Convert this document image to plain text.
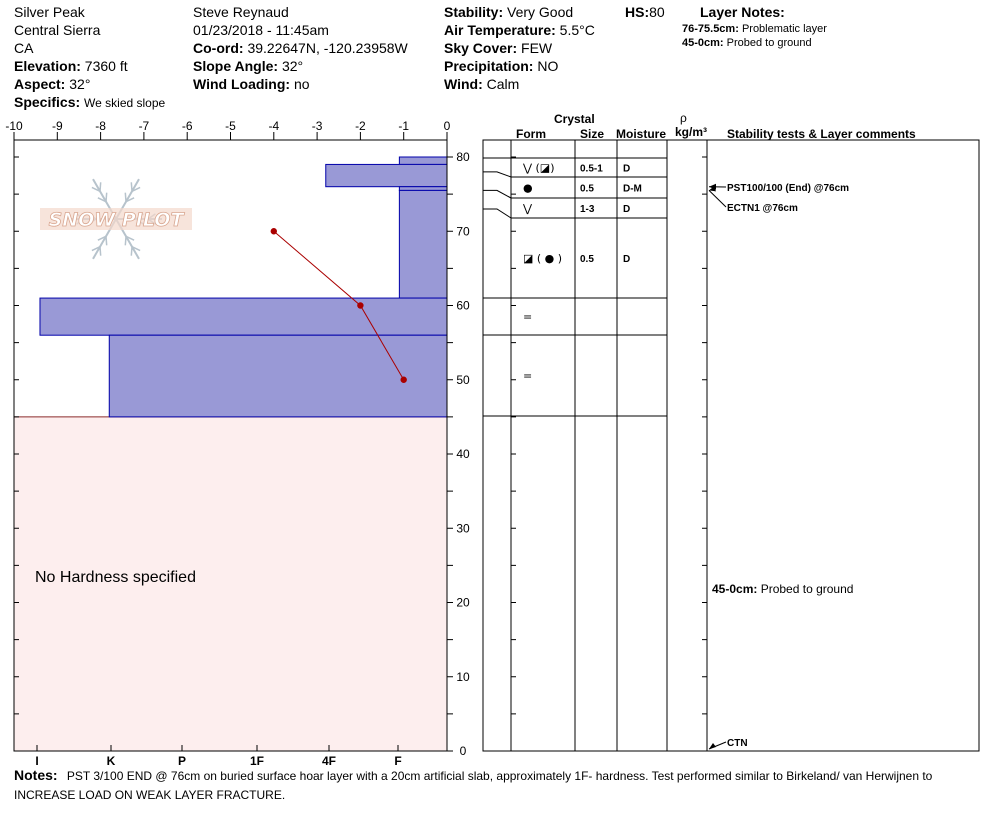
Silver Peak
Central Sierra
CA
Elevation: 7360 ft
Aspect: 32°
Specifics: We skied slope
Steve Reynaud
01/23/2018 - 11:45am
Co-ord: 39.22647N, -120.23958W
Slope Angle: 32°
Wind Loading: no
Stability: Very Good	HS:80
Air Temperature: 5.5°C
Sky Cover: FEW
Precipitation: NO
Wind: Calm
Layer Notes:
76-75.5cm: Problematic layer
45-0cm: Probed to ground
Crystal
Form	Size Moisture
ρ
kg/m³ Stability tests & Layer comments
No Hardness specified
SNOW PILOT
-10 -9	-8	-7	-6	-5	-4	-3	-2	-1	0
0
10
20
30
40
50
60
70
80
I	K	P	1F	4F	F
⋁ (◪)	0.5-1 D
●	0.5	D-M
⋁	1-3	D
◪ ( ● ) 0.5	D
=
=
PST100/100 (End) @76cm
ECTN1 @76cm
CTN
45-0cm: Probed to ground
Notes: PST 3/100 END @ 76cm on buried surface hoar layer with a 20cm artificial slab, approximately 1F- hardness. Test performed similar to Birkeland/ van Herwijnen to INCREASE LOAD ON WEAK LAYER FRACTURE.
